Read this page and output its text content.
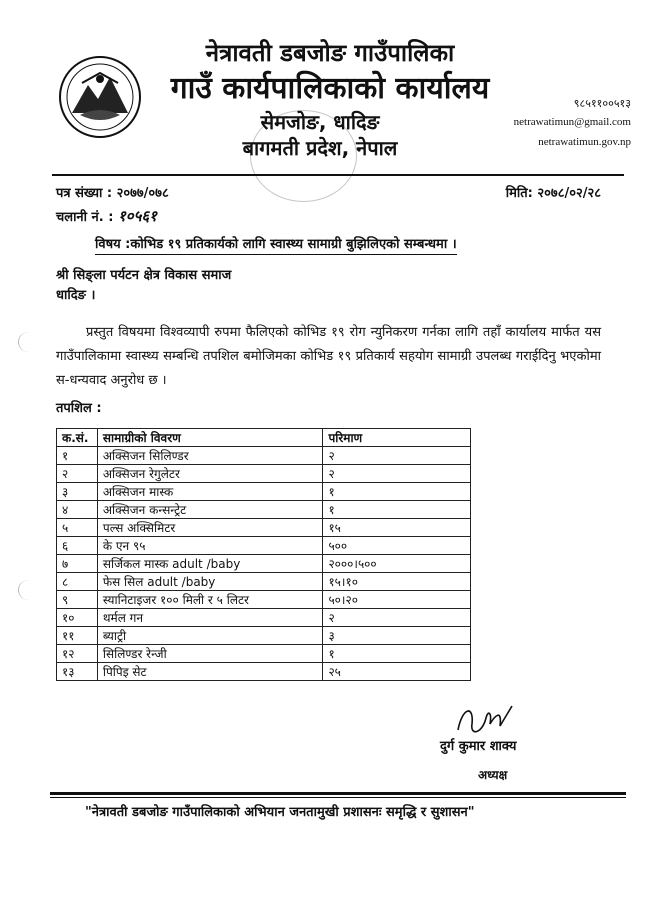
नेत्रावती डबजोङ गाउँपालिका
गाउँ कार्यपालिकाको कार्यालय
सेमजोङ, धादिङ
बागमती प्रदेश, नेपाल
९८५११००५१३
netrawatimun@gmail.com
netrawatimun.gov.np
पत्र संख्या : २०७७/०७८
चलानी नं. : १०५६१
मिति: २०७८/०२/२८
विषय :कोभिड १९ प्रतिकार्यको लागि स्वास्थ्य सामाग्री बुझिलिएको सम्बन्धमा ।
श्री सिङ्ला पर्यटन क्षेत्र विकास समाज
धादिङ ।
प्रस्तुत विषयमा विश्वव्यापी रुपमा फैलिएको कोभिड १९ रोग न्युनिकरण गर्नका लागि तहाँ कार्यालय मार्फत यस गाउँपालिकामा स्वास्थ्य सम्बन्धि तपशिल बमोजिमका कोभिड १९ प्रतिकार्य सहयोग सामाग्री उपलब्ध गराईदिनु भएकोमा स-धन्यवाद अनुरोध छ ।
तपशिल :
क.सं.	सामाग्रीको विवरण	परिमाण
१	अक्सिजन सिलिण्डर	२
२	अक्सिजन रेगुलेटर	२
३	अक्सिजन मास्क	१
४	अक्सिजन कन्सन्ट्रेट	१
५	पल्स अक्सिमिटर	१५
६	के एन ९५	५००
७	सर्जिकल मास्क adult /baby	२०००।५००
८	फेस सिल adult /baby	१५।१०
९	स्यानिटाइजर १०० मिली र ५ लिटर	५०।२०
१०	थर्मल गन	२
११	ब्याट्री	३
१२	सिलिण्डर रेन्जी	१
१३	पिपिइ सेट	२५
दुर्ग कुमार शाक्य
अध्यक्ष
"नेत्रावती डबजोङ गाउँपालिकाको अभियान जनतामुखी प्रशासनः समृद्धि र सुशासन"
